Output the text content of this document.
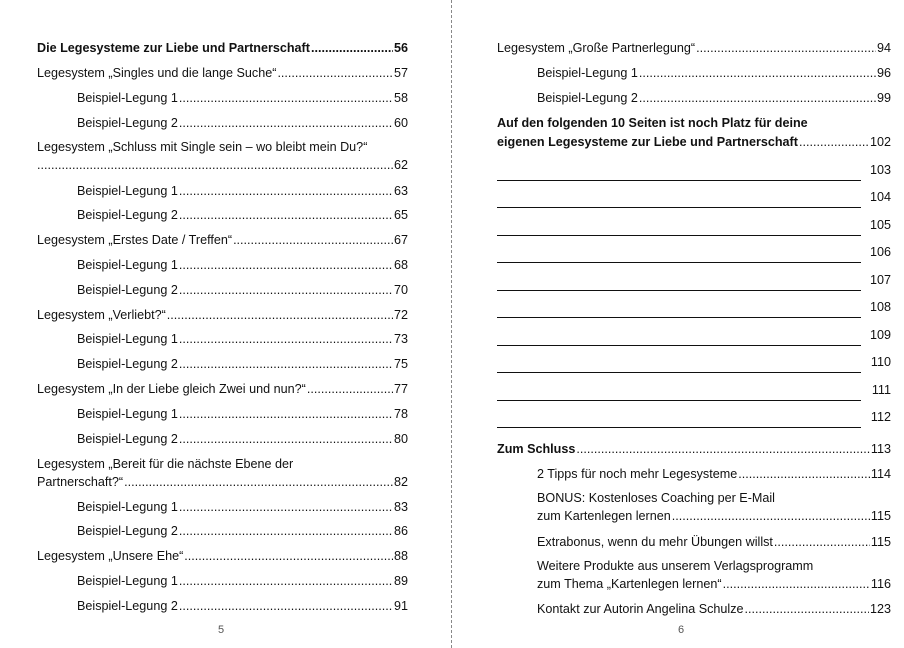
Die Legesysteme zur Liebe und Partnerschaft .....	56
Legesystem „Singles und die lange Suche“ .....	57
Beispiel-Legung 1 .....	58
Beispiel-Legung 2 .....	60
Legesystem „Schluss mit Single sein – wo bleibt mein Du?“
.....
62
Beispiel-Legung 1 .....	63
Beispiel-Legung 2 .....	65
Legesystem „Erstes Date / Treffen“ .....	67
Beispiel-Legung 1 .....	68
Beispiel-Legung 2 .....	70
Legesystem „Verliebt?“ .....	72
Beispiel-Legung 1 .....	73
Beispiel-Legung 2 .....	75
Legesystem „In der Liebe gleich Zwei und nun?“ .....	77
Beispiel-Legung 1 .....	78
Beispiel-Legung 2 .....	80
Legesystem „Bereit für die nächste Ebene der
Partnerschaft?“ .....	82
Beispiel-Legung 1 .....	83
Beispiel-Legung 2 .....	86
Legesystem „Unsere Ehe“ .....	88
Beispiel-Legung 1 .....	89
Beispiel-Legung 2 .....	91
5
Legesystem „Große Partnerlegung“ .....	94
Beispiel-Legung 1 .....	96
Beispiel-Legung 2 .....	99
Auf den folgenden 10 Seiten ist noch Platz für deine
eigenen Legesysteme zur Liebe und Partnerschaft .....	102
103
104
105
106
107
108
109
110
111
112
Zum Schluss .....	113
2 Tipps für noch mehr Legesysteme .....	114
BONUS: Kostenloses Coaching per E-Mail
zum Kartenlegen lernen .....	115
Extrabonus, wenn du mehr Übungen willst .....	115
Weitere Produkte aus unserem Verlagsprogramm
zum Thema „Kartenlegen lernen“ .....	116
Kontakt zur Autorin Angelina Schulze .....	123
6
